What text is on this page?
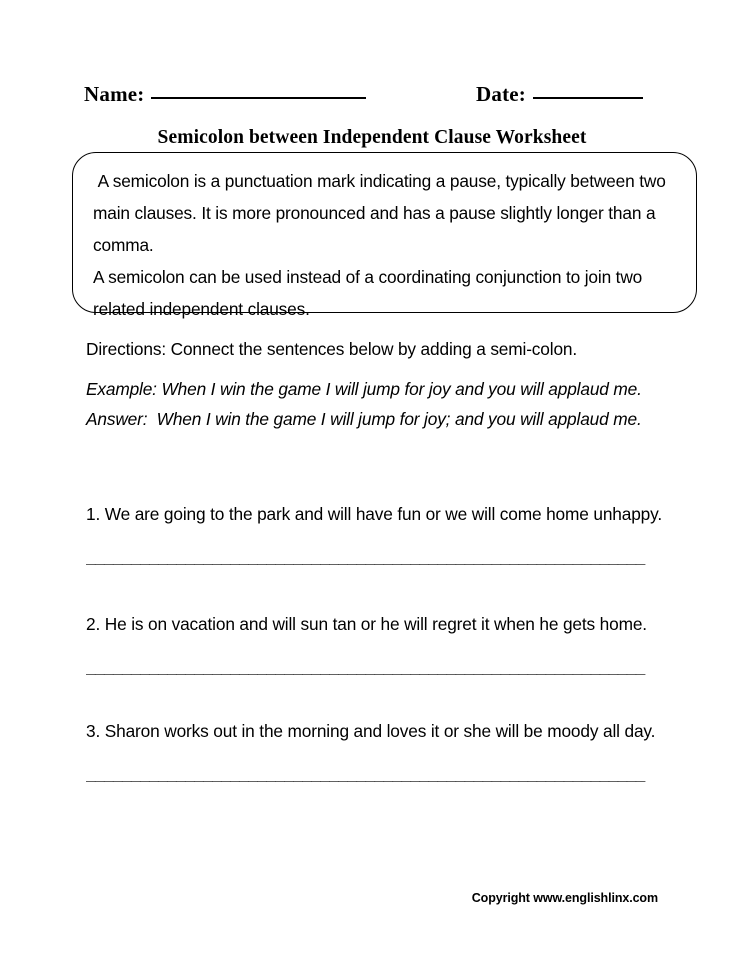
Name:	Date:
Semicolon between Independent Clause Worksheet

A semicolon is a punctuation mark indicating a pause, typically between two main clauses. It is more pronounced and has a pause slightly longer than a comma.

A semicolon can be used instead of a coordinating conjunction to join two related independent clauses.

Directions: Connect the sentences below by adding a semi-colon.

Example: When I win the game I will jump for joy and you will applaud me.

Answer:  When I win the game I will jump for joy; and you will applaud me.

1. We are going to the park and will have fun or we will come home unhappy.

______________________________________________________________

2. He is on vacation and will sun tan or he will regret it when he gets home.

______________________________________________________________

3. Sharon works out in the morning and loves it or she will be moody all day.

______________________________________________________________
Copyright www.englishlinx.com
